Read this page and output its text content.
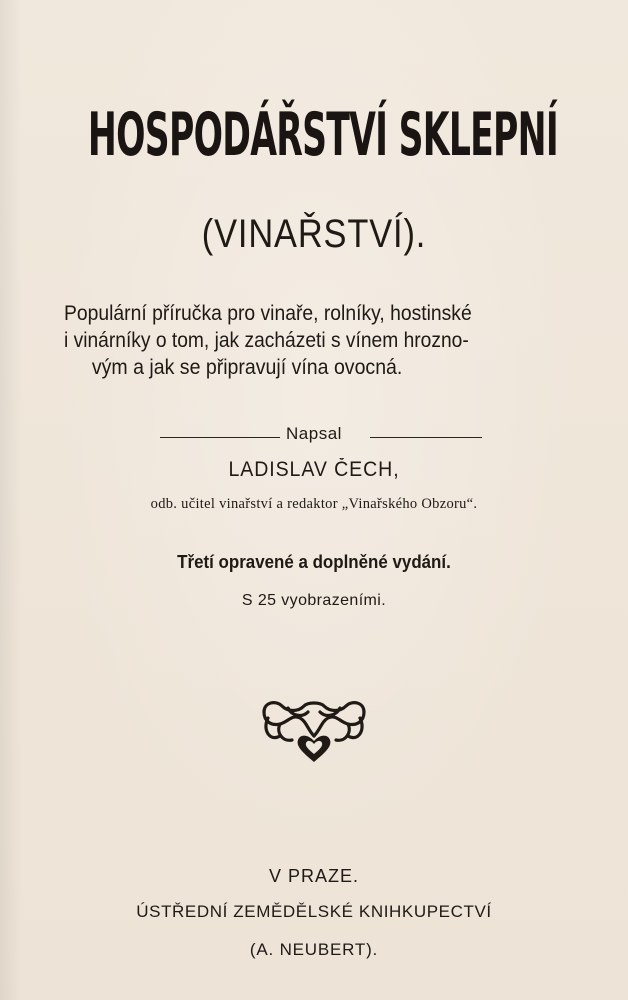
HOSPODÁŘSTVÍ SKLEPNÍ
(VINAŘSTVÍ).
Populární příručka pro vinaře, rolníky, hostinské
i vinárníky o tom, jak zacházeti s vínem hrozno-
vým a jak se připravují vína ovocná.
Napsal
LADISLAV ČECH,
odb. učitel vinařství a redaktor „Vinařského Obzoru“.
Třetí opravené a doplněné vydání.
S 25 vyobrazeními.
V PRAZE.
ÚSTŘEDNÍ ZEMĚDĚLSKÉ KNIHKUPECTVÍ
(A. NEUBERT).
